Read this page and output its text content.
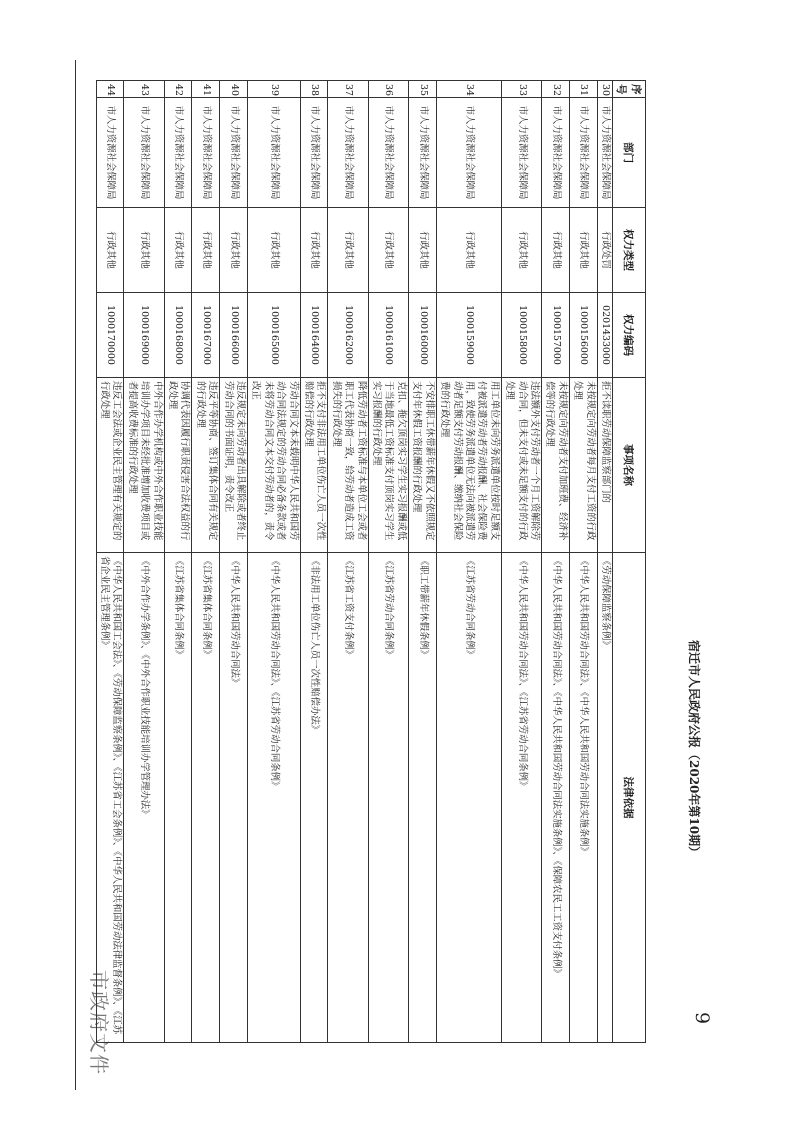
市政府文件
宿迁市人民政府公报（2020年第10期）
9
序号	部门	权力类型	权力编码	事项名称	法律依据
30	市人力资源社会保障局	行政处罚	0201433000	拒不读职劳动保障监察部门的	《劳动保障监察条例》
31	市人力资源社会保障局	行政其他	1000156000	未按规定向劳动者每月支付工资的行政处理	《中华人民共和国劳动合同法》、《中华人民共和国劳动合同法实施条例》
32	市人力资源社会保障局	行政其他	1000157000	未按规定向劳动者支付加班费、经济补偿等的行政处理	《中华人民共和国劳动合同法》、《中华人民共和国劳动合同法实施条例》、《保障农民工工资支付条例》
33	市人力资源社会保障局	行政其他	1000158000	违法额外支付劳动者一个月工资解除劳动合同，但未支付或未足额支付的行政处理	《中华人民共和国劳动合同法》、《江苏省劳动合同条例》
34	市人力资源社会保障局	行政其他	1000159000	用工单位未向劳务派遣单位按时足额支付被派遣劳动者劳动报酬、社会保险费用，致使劳务派遣单位无法向被派遣劳动者足额支付劳动报酬、缴纳社会保险费的行政处理	《江苏省劳动合同条例》
35	市人力资源社会保障局	行政其他	1000160000	不安排职工休带薪年休假又不依照规定支付年休假工资报酬的行政处理	《职工带薪年休假条例》
36	市人力资源社会保障局	行政其他	1000161000	克扣、拖欠顶岗实习学生实习报酬或低于当地最低工资标准支付顶岗实习学生实习报酬的行政处理	《江苏省劳动合同条例》
37	市人力资源社会保障局	行政其他	1000162000	降低劳动者工资标准与本单位工会或者职工代表协商一致，给劳动者造成工资损失的行政处理	《江苏省工资支付条例》
38	市人力资源社会保障局	行政其他	1000164000	拒不支付非法用工单位伤亡人员一次性赔偿的行政处理	《非法用工单位伤亡人员一次性赔偿办法》
39	市人力资源社会保障局	行政其他	1000165000	劳动合同文本未载明中华人民共和国劳动合同法规定的劳动合同必备条款或者未将劳动合同文本交付劳动者的，责令改正	《中华人民共和国劳动合同法》、《江苏省劳动合同条例》
40	市人力资源社会保障局	行政其他	1000166000	违反规定未向劳动者出具解除或者终止劳动合同的书面证明，责令改正	《中华人民共和国劳动合同法》
41	市人力资源社会保障局	行政其他	1000167000	违反平等协商、签订集体合同有关规定的行政处理	《江苏省集体合同条例》
42	市人力资源社会保障局	行政其他	1000168000	协调代表因履行职责侵害合法权益的行政处理	《江苏省集体合同条例》
43	市人力资源社会保障局	行政其他	1000169000	中外合作办学机构或中外合作职业技能培训办学项目未经批准增加收费项目或者提高收费标准的行政处理	《中外合作办学条例》、《中外合作职业技能培训办学管理办法》
44	市人力资源社会保障局	行政其他	1000170000	违反工会法或企业民主管理有关规定的行政处理	《中华人民共和国工会法》、《劳动保障监察条例》、《江苏省工会条例》、《中华人民共和国劳动法律监督条例》、《江苏省企业民主管理条例》
